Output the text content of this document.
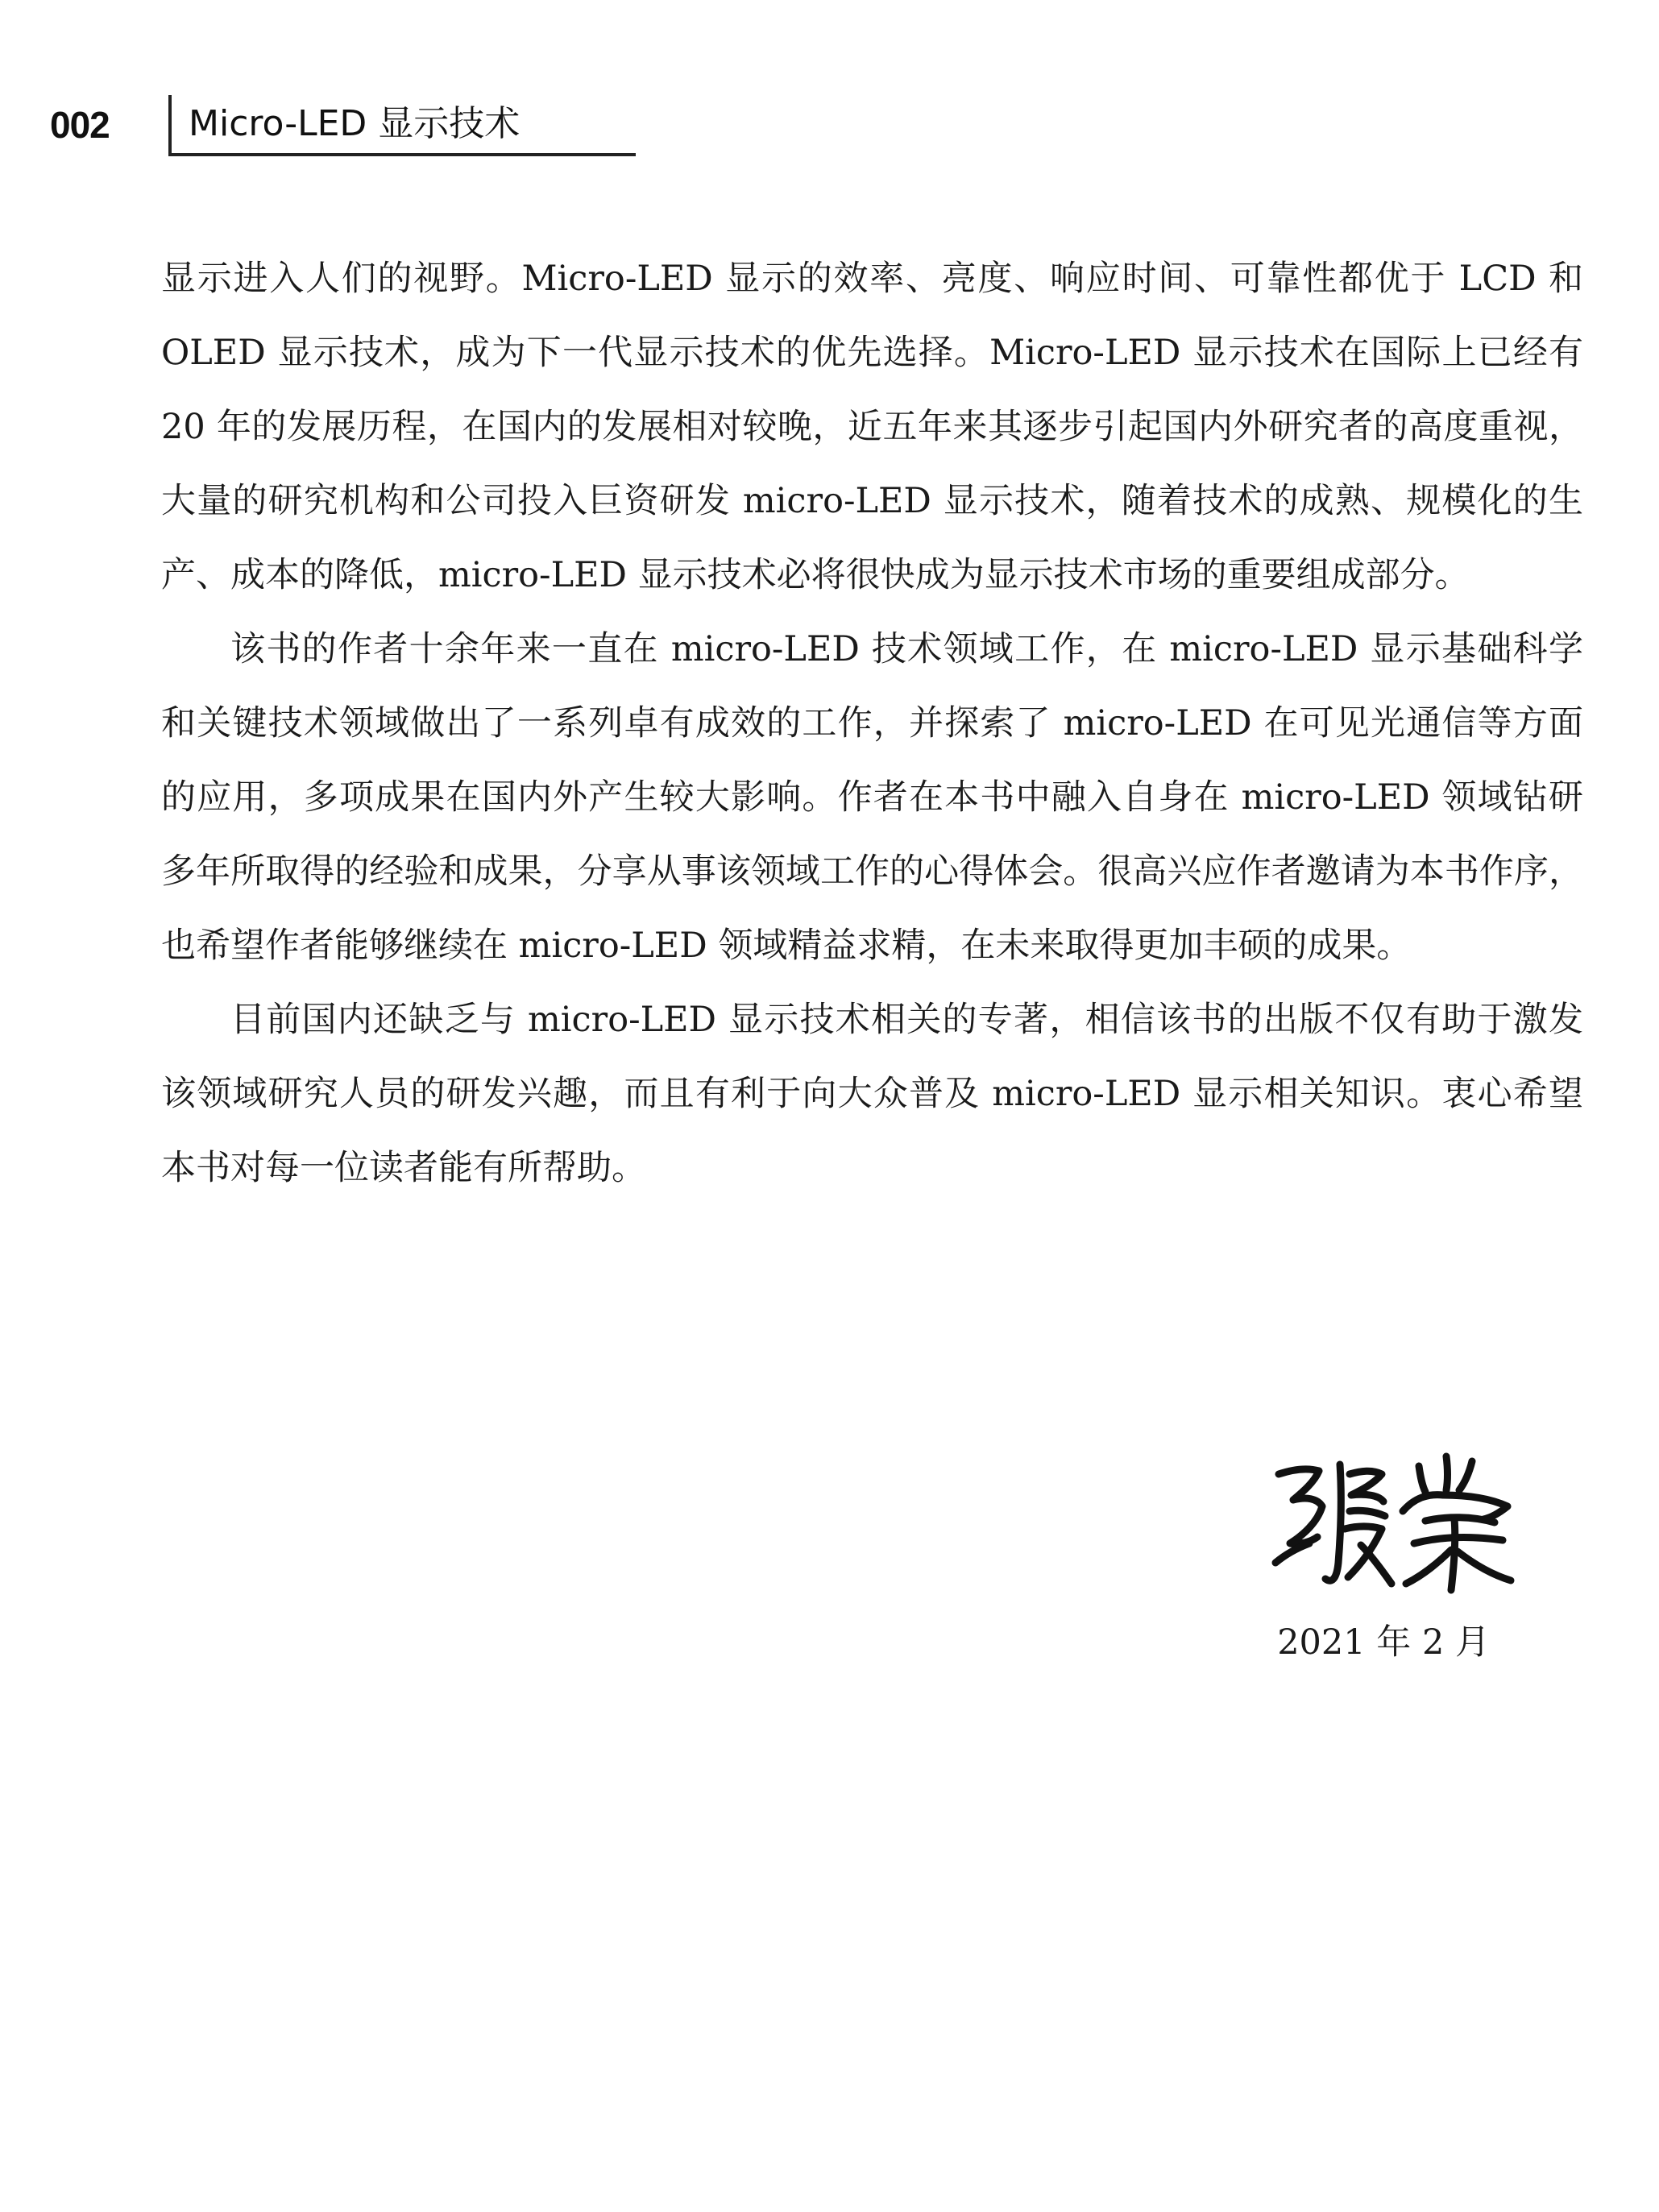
002 Micro-LED 显示技术

显示进入人们的视野。Micro-LED 显示的效率、亮度、响应时间、可靠性都优于 LCD 和 OLED 显示技术，成为下一代显示技术的优先选择。Micro-LED 显示技术在国际上已经有 20 年的发展历程，在国内的发展相对较晚，近五年来其逐步引起国内外研究者的高度重视，大量的研究机构和公司投入巨资研发 micro-LED 显示技术，随着技术的成熟、规模化的生产、成本的降低，micro-LED 显示技术必将很快成为显示技术市场的重要组成部分。

该书的作者十余年来一直在 micro-LED 技术领域工作，在 micro-LED 显示基础科学和关键技术领域做出了一系列卓有成效的工作，并探索了 micro-LED 在可见光通信等方面的应用，多项成果在国内外产生较大影响。作者在本书中融入自身在 micro-LED 领域钻研多年所取得的经验和成果，分享从事该领域工作的心得体会。很高兴应作者邀请为本书作序，也希望作者能够继续在 micro-LED 领域精益求精，在未来取得更加丰硕的成果。

目前国内还缺乏与 micro-LED 显示技术相关的专著，相信该书的出版不仅有助于激发该领域研究人员的研发兴趣，而且有利于向大众普及 micro-LED 显示相关知识。衷心希望本书对每一位读者能有所帮助。

2021 年 2 月
